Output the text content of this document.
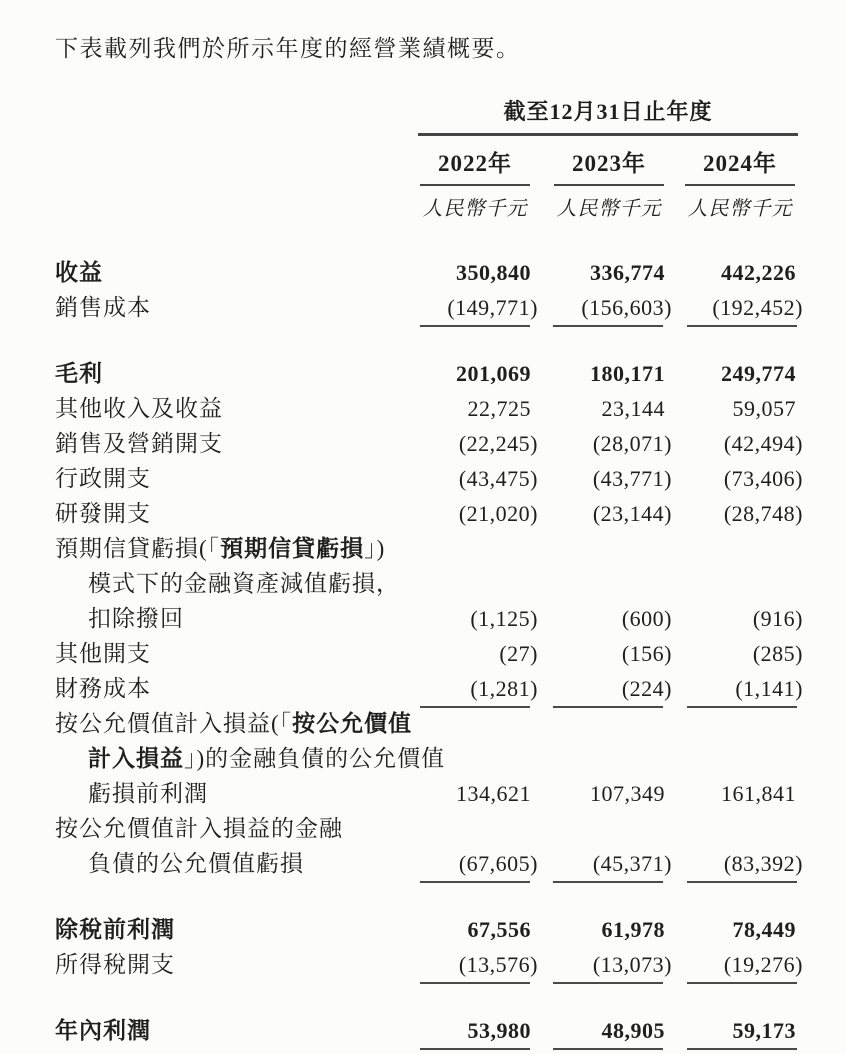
下表載列我們於所示年度的經營業績概要。
截至12月31日止年度
2022年	2023年	2024年
人民幣千元	人民幣千元	人民幣千元
收益	350,840	336,774	442,226
銷售成本	(149,771)	(156,603)	(192,452)
毛利	201,069	180,171	249,774
其他收入及收益	22,725	23,144	59,057
銷售及營銷開支	(22,245)	(28,071)	(42,494)
行政開支	(43,475)	(43,771)	(73,406)
研發開支	(21,020)	(23,144)	(28,748)
預期信貸虧損(「預期信貸虧損」)
模式下的金融資產減值虧損，
扣除撥回	(1,125)	(600)	(916)
其他開支	(27)	(156)	(285)
財務成本	(1,281)	(224)	(1,141)
按公允價值計入損益(「按公允價值
計入損益」)的金融負債的公允價值
虧損前利潤	134,621	107,349	161,841
按公允價值計入損益的金融
負債的公允價值虧損	(67,605)	(45,371)	(83,392)
除稅前利潤	67,556	61,978	78,449
所得稅開支	(13,576)	(13,073)	(19,276)
年內利潤	53,980	48,905	59,173
